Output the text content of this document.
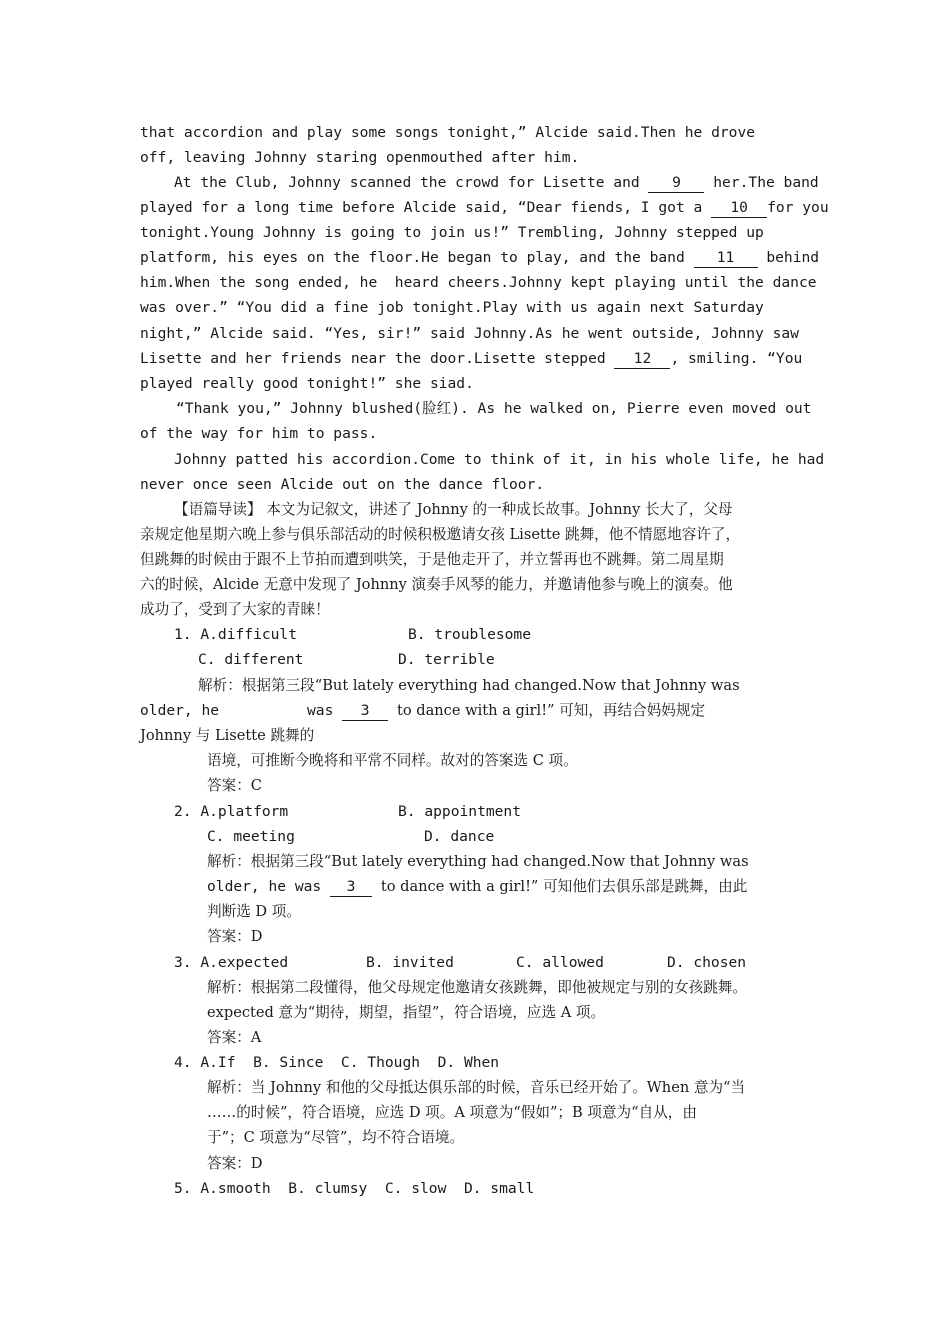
that accordion and play some songs tonight,” Alcide said.Then he drove
off, leaving Johnny staring openmouthed after him.
At the Club, Johnny scanned the crowd for Lisette and 9 her.The band
played for a long time before Alcide said, “Dear fiends, I got a 10 for you
tonight.Young Johnny is going to join us!” Trembling, Johnny stepped up
platform, his eyes on the floor.He began to play, and the band 11 behind
him.When the song ended, he  heard cheers.Johnny kept playing until the dance
was over.” “You did a fine job tonight.Play with us again next Saturday
night,” Alcide said. “Yes, sir!” said Johnny.As he went outside, Johnny saw
Lisette and her friends near the door.Lisette stepped 12 , smiling. “You
played really good tonight!” she siad.
“Thank you,” Johnny blushed(脸红). As he walked on, Pierre even moved out
of the way for him to pass.
Johnny patted his accordion.Come to think of it, in his whole life, he had
never once seen Alcide out on the dance floor.
【语篇导读】 本文为记叙文，讲述了 Johnny 的一种成长故事。Johnny 长大了，父母
亲规定他星期六晚上参与俱乐部活动的时候积极邀请女孩 Lisette 跳舞，他不情愿地容许了，
但跳舞的时候由于跟不上节拍而遭到哄笑，于是他走开了，并立誓再也不跳舞。第二周星期
六的时候，Alcide 无意中发现了 Johnny 演奏手风琴的能力，并邀请他参与晚上的演奏。他
成功了，受到了大家的青睐！
1. A.difficult	B. troublesome
C. different	D. terrible
解析：根据第三段“But lately everything had changed.Now that Johnny was
older, he	was 3 to dance with a girl!” 可知，再结合妈妈规定
Johnny 与 Lisette 跳舞的
语境，可推断今晚将和平常不同样。故对的答案选 C 项。
答案：C
2. A.platform	B. appointment
C. meeting	D. dance
解析：根据第三段“But lately everything had changed.Now that Johnny was
older, he was 3 to dance with a girl!” 可知他们去俱乐部是跳舞，由此
判断选 D 项。
答案：D
3. A.expected	B. invited	C. allowed	D. chosen
解析：根据第二段懂得，他父母规定他邀请女孩跳舞，即他被规定与别的女孩跳舞。
expected 意为“期待，期望，指望”，符合语境，应选 A 项。
答案：A
4. A.If  B. Since  C. Though  D. When
解析：当 Johnny 和他的父母抵达俱乐部的时候，音乐已经开始了。When 意为“当
……的时候”，符合语境，应选 D 项。A 项意为“假如”；B 项意为“自从，由
于”；C 项意为“尽管”，均不符合语境。
答案：D
5. A.smooth  B. clumsy  C. slow  D. small
